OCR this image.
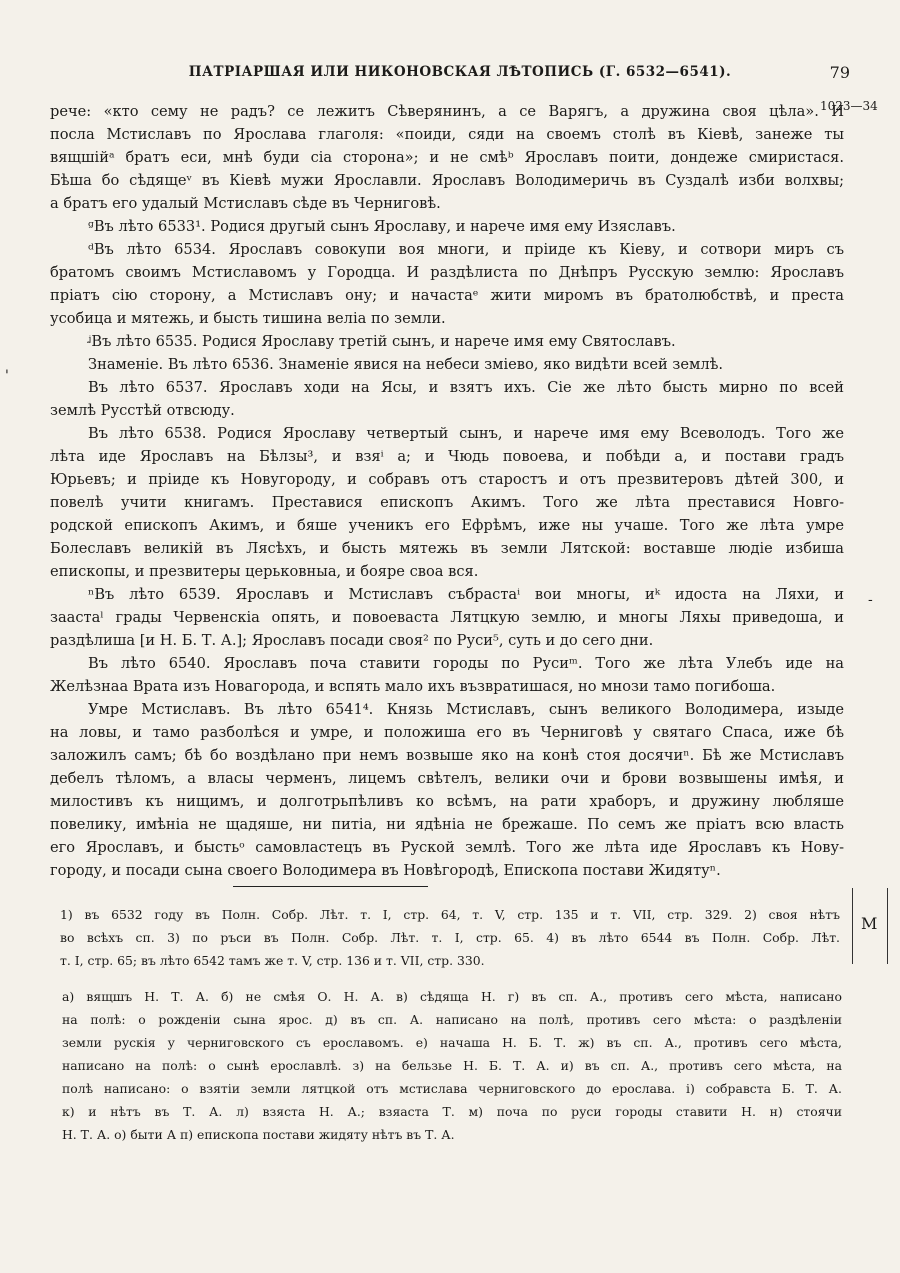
ПАТРІАРШАЯ ИЛИ НИКОНОВСКАЯ ЛѢТОПИСЬ (Г. 6532—6541).	79
1023—34
'
-
рече: «кто сему не радъ? се лежитъ Сѣверянинъ, а се Варягъ, а дружина своя цѣла». И
посла Мстиславъ по Ярослава глаголя: «поиди, сяди на своемъ столѣ въ Кіевѣ, занеже ты
вящшійᵃ братъ еси, мнѣ буди сіа сторона»; и не смѣᵇ Ярославъ поити, дондеже смиристася.
Бѣша бо сѣдящеᵛ въ Кіевѣ мужи Ярославли. Ярославъ Володимеричь въ Суздалѣ изби волхвы;
а братъ его удалый Мстиславъ сѣде въ Черниговѣ.
ᵍВъ лѣто 6533¹. Родися другый сынъ Ярославу, и нарече имя ему Изяславъ.
ᵈВъ лѣто 6534. Ярославъ совокупи воя многи, и пріиде къ Кіеву, и сотвори миръ съ
братомъ своимъ Мстиславомъ у Городца. И раздѣлиста по Днѣпръ Русскую землю: Ярославъ
пріатъ сію сторону, а Мстиславъ ону; и начастаᵉ жити миромъ въ братолюбствѣ, и преста
усобица и мятежь, и бысть тишина веліа по земли.
ᶨВъ лѣто 6535. Родися Ярославу третій сынъ, и нарече имя ему Святославъ.
Знаменіе. Въ лѣто 6536. Знаменіе явися на небеси зміево, яко видѣти всей землѣ.
Въ лѣто 6537. Ярославъ ходи на Ясы, и взятъ ихъ. Сіе же лѣто бысть мирно по всей
землѣ Русстѣй отвсюду.
Въ лѣто 6538. Родися Ярославу четвертый сынъ, и нарече имя ему Всеволодъ. Того же
лѣта иде Ярославъ на Бѣлзы³, и взяⁱ а; и Чюдь повоева, и побѣди а, и постави градъ
Юрьевъ; и пріиде къ Новугороду, и собравъ отъ старостъ и отъ презвитеровъ дѣтей 300, и
повелѣ учити книгамъ. Преставися епископъ Акимъ. Того же лѣта преставися Новго-
родской епископъ Акимъ, и бяше ученикъ его Ефрѣмъ, иже ны учаше. Того же лѣта умре
Болеславъ великій въ Лясѣхъ, и бысть мятежь въ земли Лятской: воставше людіе избиша
епископы, и презвитеры церьковныа, и бояре своа вся.
ⁿВъ лѣто 6539. Ярославъ и Мстиславъ събрастаⁱ вои многы, иᵏ идоста на Ляхи, и
заастаˡ грады Червенскіа опять, и повоеваста Лятцкую землю, и многы Ляхы приведоша, и
раздѣлиша [и Н. Б. Т. А.]; Ярославъ посади своя² по Руси⁵, суть и до сего дни.
Въ лѣто 6540. Ярославъ поча ставити городы по Русиᵐ. Того же лѣта Улебъ иде на
Желѣзнаа Врата изъ Новагорода, и вспять мало ихъ възвратишася, но мнози тамо погибоша.
Умре Мстиславъ. Въ лѣто 6541⁴. Князь Мстиславъ, сынъ великого Володимера, изыде
на ловы, и тамо разболѣся и умре, и положиша его въ Черниговѣ у святаго Спаса, иже бѣ
заложилъ самъ; бѣ бо воздѣлано при немъ возвыше яко на конѣ стоя досячиⁿ. Бѣ же Мстиславъ
дебелъ тѣломъ, а власы черменъ, лицемъ свѣтелъ, велики очи и брови возвышены имѣя, и
милостивъ къ нищимъ, и долготрьпѣливъ ко всѣмъ, на рати храборъ, и дружину любляше
повелику, имѣніа не щадяше, ни питіа, ни ядѣніа не брежаше. По семъ же пріатъ всю власть
его Ярославъ, и быстьᵒ самовластецъ въ Руской землѣ. Того же лѣта иде Ярославъ къ Нову-
городу, и посади сына своего Володимера въ Новѣгородѣ, Епископа постави Жидятуⁿ.
1) въ 6532 году въ Полн. Собр. Лѣт. т. I, стр. 64, т. V, стр. 135 и т. VII, стр. 329. 2) своя нѣтъ
во всѣхъ сп. 3) по ръси въ Полн. Собр. Лѣт. т. I, стр. 65. 4) въ лѣто 6544 въ Полн. Собр. Лѣт.
т. I, стр. 65; въ лѣто 6542 тамъ же т. V, стр. 136 и т. VII, стр. 330.
а) вящшъ Н. Т. А. б) не смѣя О. Н. А. в) сѣдяща Н. г) въ сп. А., противъ сего мѣста, написано
на полѣ: о рожденіи сына ярос. д) въ сп. А. написано на полѣ, противъ сего мѣста: о раздѣленіи
земли рускія у черниговского съ ерославомъ. е) начаша Н. Б. Т. ж) въ сп. А., противъ сего мѣста,
написано на полѣ: о сынѣ ерославлѣ. з) на бельзье Н. Б. Т. А. и) въ сп. А., противъ сего мѣста, на
полѣ написано: о взятіи земли лятцкой отъ мстислава черниговского до ерослава. і) собравста Б. Т. А.
к) и нѣтъ въ Т. А. л) взяста Н. А.; взяаста Т. м) поча по руси городы ставити Н. н) стоячи
Н. Т. А. о) быти А п) епископа постави жидяту нѣтъ въ Т. А.
M
